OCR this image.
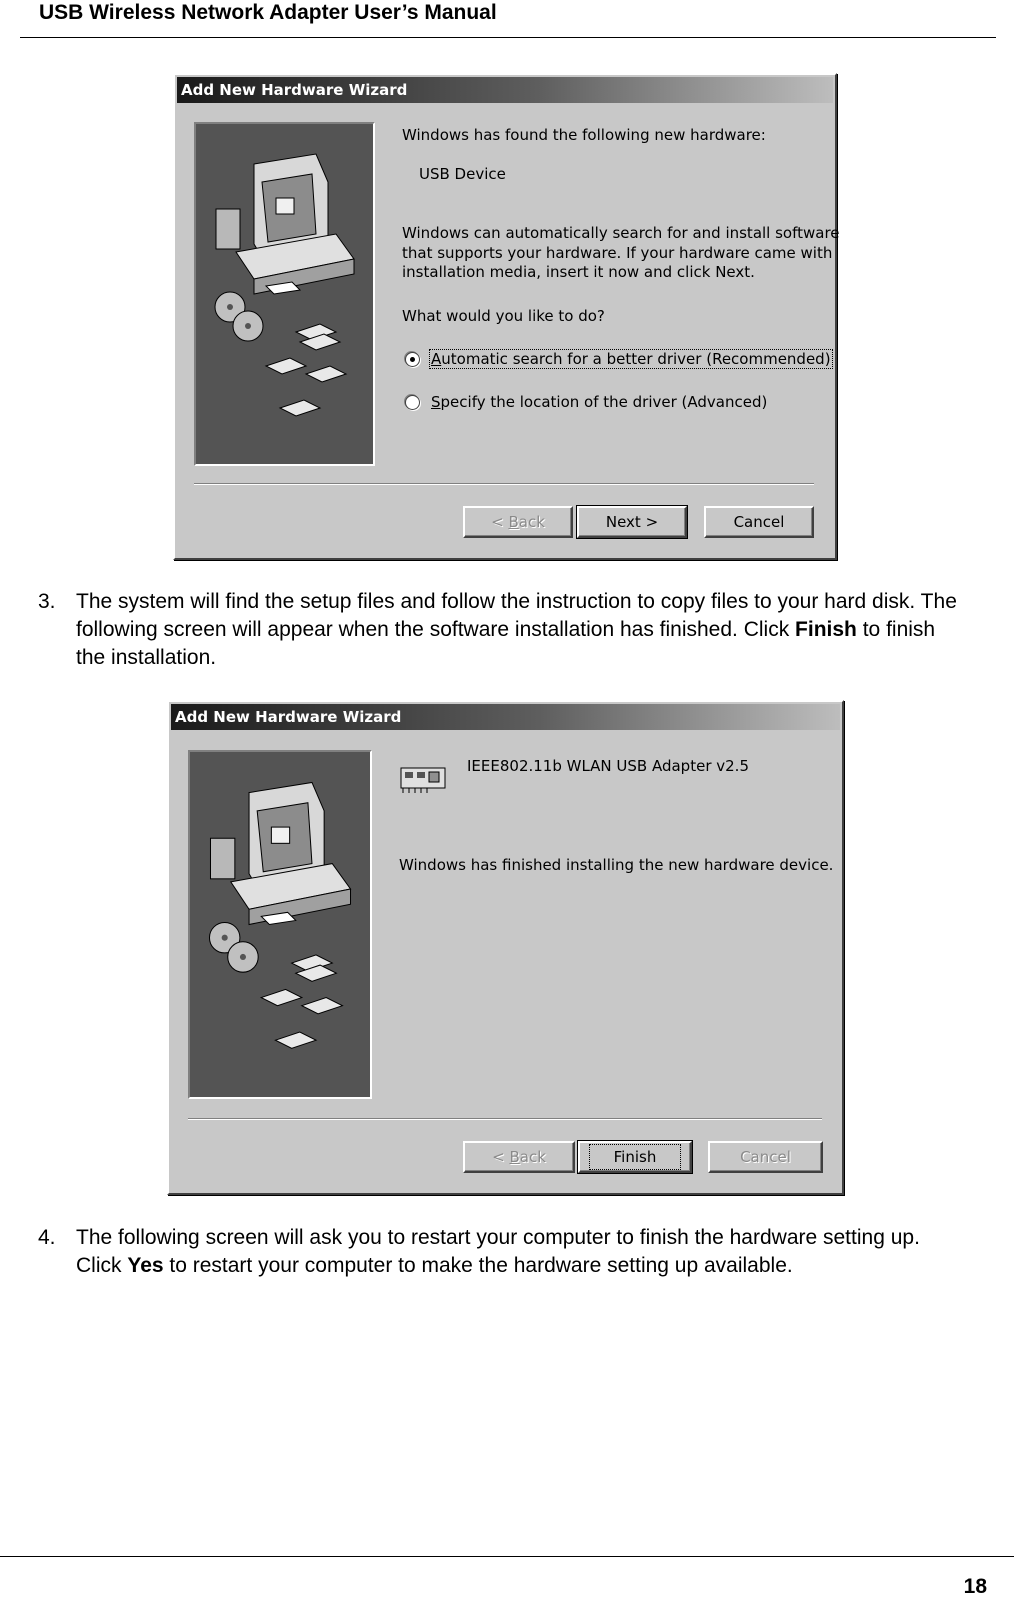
USB Wireless Network Adapter User’s Manual
Add New Hardware Wizard
Windows has found the following new hardware:
USB Device
Windows can automatically search for and install software
that supports your hardware. If your hardware came with
installation media, insert it now and click Next.
What would you like to do?
Automatic search for a better driver (Recommended)
Specify the location of the driver (Advanced)
<
B ack	Next >	Cancel
3. The system will find the setup files and follow the instruction to copy files to your hard disk. The following screen will appear when the software installation has finished. Click Finish to finish the installation.
Add New Hardware Wizard
IEEE802.11b WLAN USB Adapter v2.5
Windows has finished installing the new hardware device.
<
B ack	Finish	Cancel
4. The following screen will ask you to restart your computer to finish the hardware setting up. Click Yes to restart your computer to make the hardware setting up available.
18
